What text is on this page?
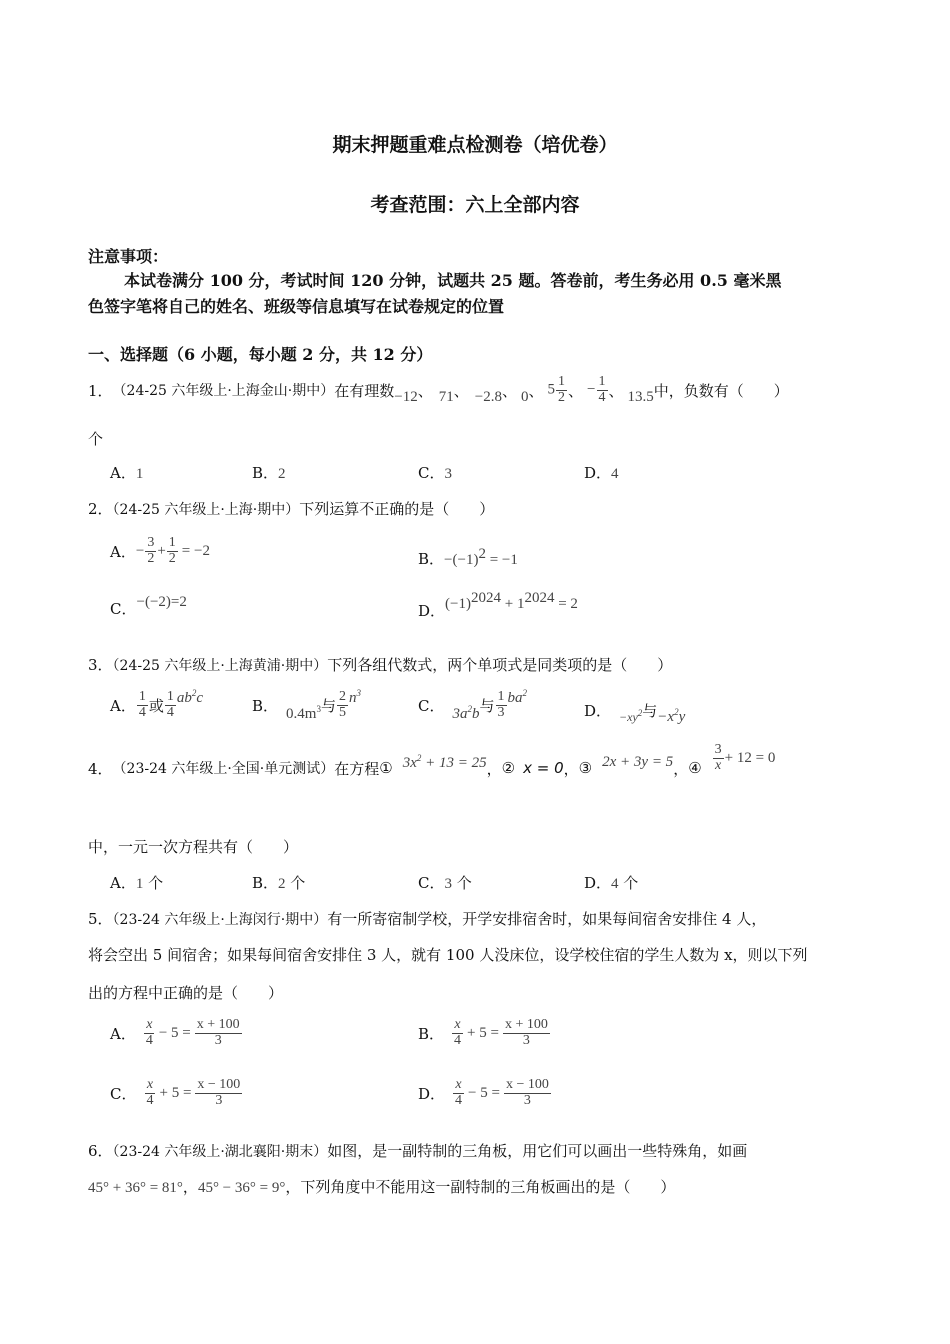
期末押题重难点检测卷（培优卷）
考查范围：六上全部内容
注意事项：
本试卷满分 100 分，考试时间 120 分钟，试题共 25 题。答卷前，考生务必用 0.5 毫米黑
色签字笔将自己的姓名、班级等信息填写在试卷规定的位置
一、选择题（6 小题，每小题 2 分，共 12 分）
1． （24-25 六年级上·上海金山·期中） 在有理数 −12 、 71 、 −2.8 、 0 、 $5 \frac{1}{2}$ 、 − $\frac{1}{4}$ 、 13.5 中，负数有（　　）
个
A．1	B．2	C．3	D．4
2．（24-25 六年级上·上海·期中）下列运算不正确的是（　　）
A． − $\frac{3}{2} + \frac{1}{2} = -2$	B．$-(-1)^2 = -1$
C．−(−2)=2	D．$(-1)^{2024} + 1^{2024} = 2$
3．（24-25 六年级上·上海黄浦·期中）下列各组代数式，两个单项式是同类项的是（　　）
A． $\frac{1}{4}$ 或 $\frac{1}{4} ab^2c$	B． $0.4m^3$ 与 $\frac{2}{5} n^3$
C． $3a^2b$ 与 $\frac{1}{3} ba^2$
D． $-xy^2$ 与 $-x^2y$
4． （23-24 六年级上·全国·单元测试） 在方程 ① $3x^2 + 13 = 25$ ， ② x = 0 ， ③ 2x + 3y = 5 ， ④ $\frac{3}{x} + 12 = 0$
中，一元一次方程共有（　　）
A．1 个	B．2 个	C．3 个	D．4 个
5．（23-24 六年级上·上海闵行·期中）有一所寄宿制学校，开学安排宿舍时，如果每间宿舍安排住 4 人，
将会空出 5 间宿舍；如果每间宿舍安排住 3 人，就有 100 人没床位，设学校住宿的学生人数为 x，则以下列
出的方程中正确的是（　　）
A． $\frac{x}{4} - 5 = \frac{x + 100}{3}$	B． $\frac{x}{4} + 5 = \frac{x + 100}{3}$
C． $\frac{x}{4} + 5 = \frac{x - 100}{3}$	D． $\frac{x}{4} - 5 = \frac{x - 100}{3}$
6．（23-24 六年级上·湖北襄阳·期末）如图，是一副特制的三角板，用它们可以画出一些特殊角，如画
45° + 36° = 81°，45° − 36° = 9°，下列角度中不能用这一副特制的三角板画出的是（　　）
